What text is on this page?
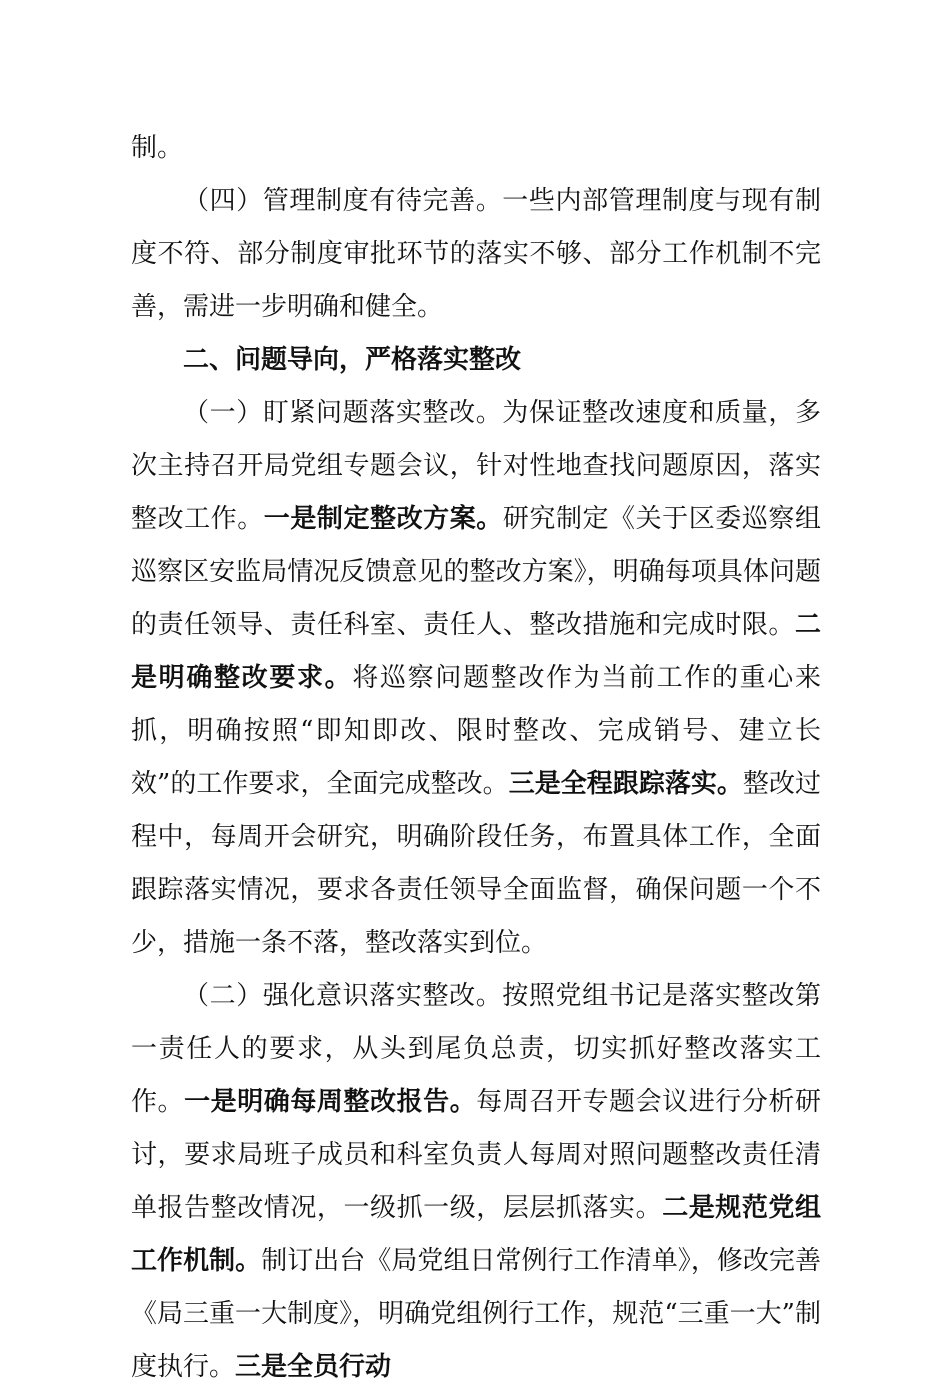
制。

（四）管理制度有待完善。一些内部管理制度与现有制度不符、部分制度审批环节的落实不够、部分工作机制不完善，需进一步明确和健全。

二、问题导向，严格落实整改

（一）盯紧问题落实整改。为保证整改速度和质量，多次主持召开局党组专题会议，针对性地查找问题原因，落实整改工作。一是制定整改方案。研究制定《关于区委巡察组巡察区安监局情况反馈意见的整改方案》，明确每项具体问题的责任领导、责任科室、责任人、整改措施和完成时限。二是明确整改要求。将巡察问题整改作为当前工作的重心来抓，明确按照“即知即改、限时整改、完成销号、建立长效”的工作要求，全面完成整改。三是全程跟踪落实。整改过程中，每周开会研究，明确阶段任务，布置具体工作，全面跟踪落实情况，要求各责任领导全面监督，确保问题一个不少，措施一条不落，整改落实到位。

（二）强化意识落实整改。按照党组书记是落实整改第一责任人的要求，从头到尾负总责，切实抓好整改落实工作。一是明确每周整改报告。每周召开专题会议进行分析研讨，要求局班子成员和科室负责人每周对照问题整改责任清单报告整改情况，一级抓一级，层层抓落实。二是规范党组工作机制。制订出台《局党组日常例行工作清单》，修改完善《局三重一大制度》，明确党组例行工作，规范“三重一大”制度执行。三是全员行动
